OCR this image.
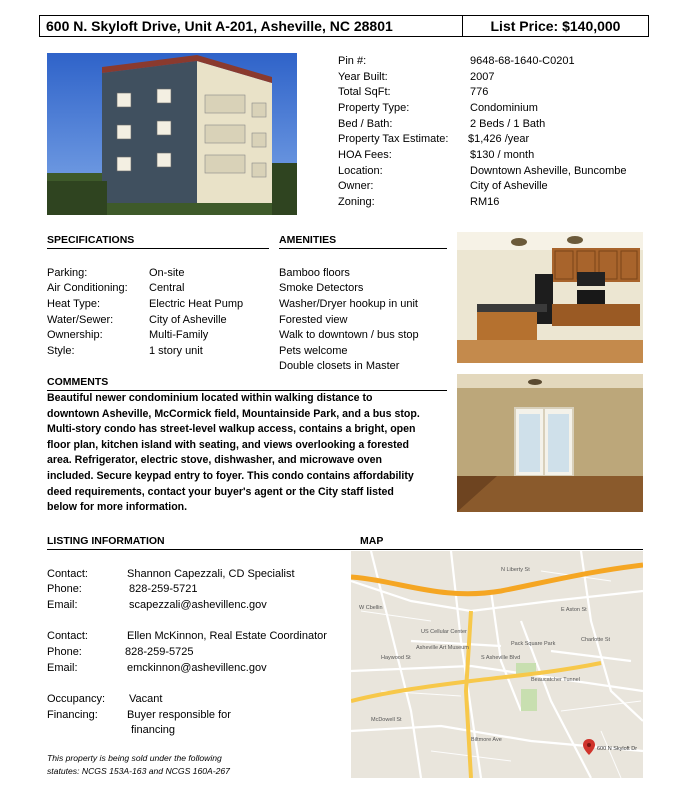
600 N. Skyloft Drive, Unit A-201, Asheville, NC 28801	List Price: $140,000
Pin #:	9648-68-1640-C0201
Year Built:	2007
Total SqFt:	776
Property Type:	Condominium
Bed / Bath:	2 Beds / 1 Bath
Property Tax Estimate: $1,426 /year
HOA Fees:	$130 / month
Location:	Downtown Asheville, Buncombe
Owner:	City of Asheville
Zoning:	RM16
SPECIFICATIONS
Parking:	On-site
Air Conditioning: Central
Heat Type:	Electric Heat Pump
Water/Sewer:	City of Asheville
Ownership:	Multi-Family
Style:	1 story unit
AMENITIES
Bamboo floors
Smoke Detectors
Washer/Dryer hookup in unit
Forested view
Walk to downtown / bus stop
Pets welcome
Double closets in Master
COMMENTS
Beautiful newer condominium located within walking distance to
downtown Asheville, McCormick field, Mountainside Park, and a bus stop.
Multi-story condo has street-level walkup access, contains a bright, open
floor plan, kitchen island with seating, and views overlooking a forested
area. Refrigerator, electric stove, dishwasher, and microwave oven
included. Secure keypad entry to foyer. This condo contains affordability
deed requirements, contact your buyer's agent or the City staff listed
below for more information.
LISTING INFORMATION	MAP
Contact:	Shannon Capezzali, CD Specialist
Phone:	828-259-5721
Email:	scapezzali@ashevillenc.gov
Contact:	Ellen McKinnon, Real Estate Coordinator
Phone:	828-259-5725
Email:	emckinnon@ashevillenc.gov
Occupancy: Vacant
Financing:	Buyer responsible for
financing
This property is being sold under the following
statutes: NCGS 153A-163 and NCGS 160A-267
US Cellular Center
Pack Square Park
Asheville Art Museum
S Asheville Blvd
W Cbellin
Haywood St
E Aston St
Beaucatcher Tunnel
N Liberty St
Biltmore Ave
McDowell St
Charlotte St
600 N Skyloft Dr
